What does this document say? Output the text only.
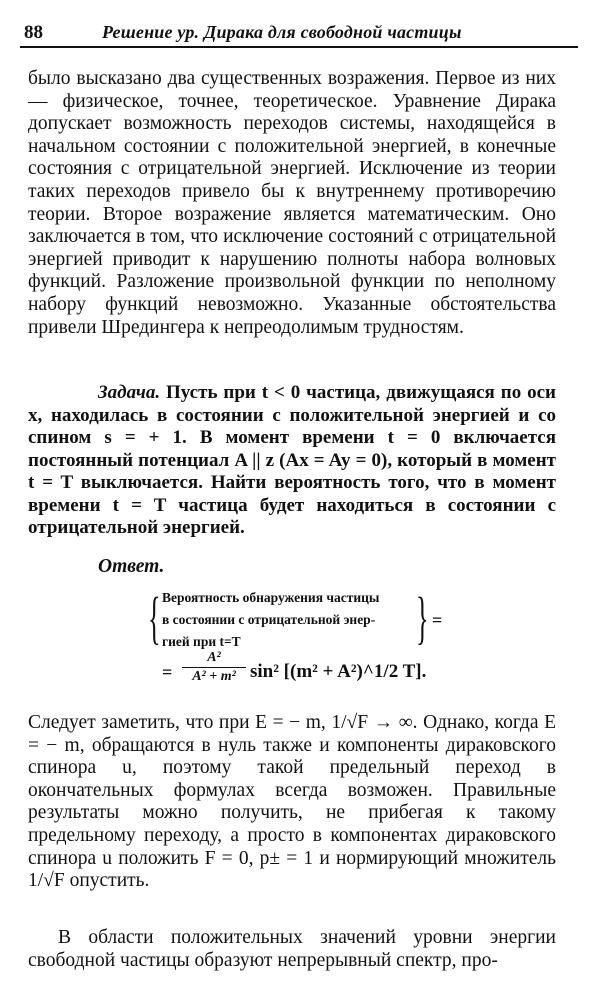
88	Решение ур. Дирака для свободной частицы

было высказано два существенных возражения. Первое из них — физическое, точнее, теоретическое. Уравнение Дирака допускает возможность переходов системы, находящейся в начальном состоянии с положительной энергией, в конечные состояния с отрицательной энергией. Исключение из теории таких переходов привело бы к внутреннему противоречию теории. Второе возражение является математическим. Оно заключается в том, что исключение состояний с отрицательной энергией приводит к нарушению полноты набора волновых функций. Разложение произвольной функции по неполному набору функций невозможно. Указанные обстоятельства привели Шредингера к непреодолимым трудностям.

Задача. Пусть при t < 0 частица, движущаяся по оси x, находилась в состоянии с положительной энергией и со спином s = + 1. В момент времени t = 0 включается постоянный потенциал A || z (Ax = Ay = 0), который в момент t = T выключается. Найти вероятность того, что в момент времени t = T частица будет находиться в состоянии с отрицательной энергией.

Ответ.
{ Вероятность обнаружения частицы
в состоянии с отрицательной энер-
гией при t=T	} =
= $\frac{\text{A²}}{\text{A² + m²}} \sin^2$ [(m² + A²)^1/2 T].

Следует заметить, что при E = − m, 1/√F → ∞. Однако, когда E = − m, обращаются в нуль также и компоненты дираковского спинора u, поэтому такой предельный переход в окончательных формулах всегда возможен. Правильные результаты можно получить, не прибегая к такому предельному переходу, а просто в компонентах дираковского спинора u положить F = 0, p± = 1 и нормирующий множитель 1/√F опустить.

В области положительных значений уровни энергии свободной частицы образуют непрерывный спектр, про-
